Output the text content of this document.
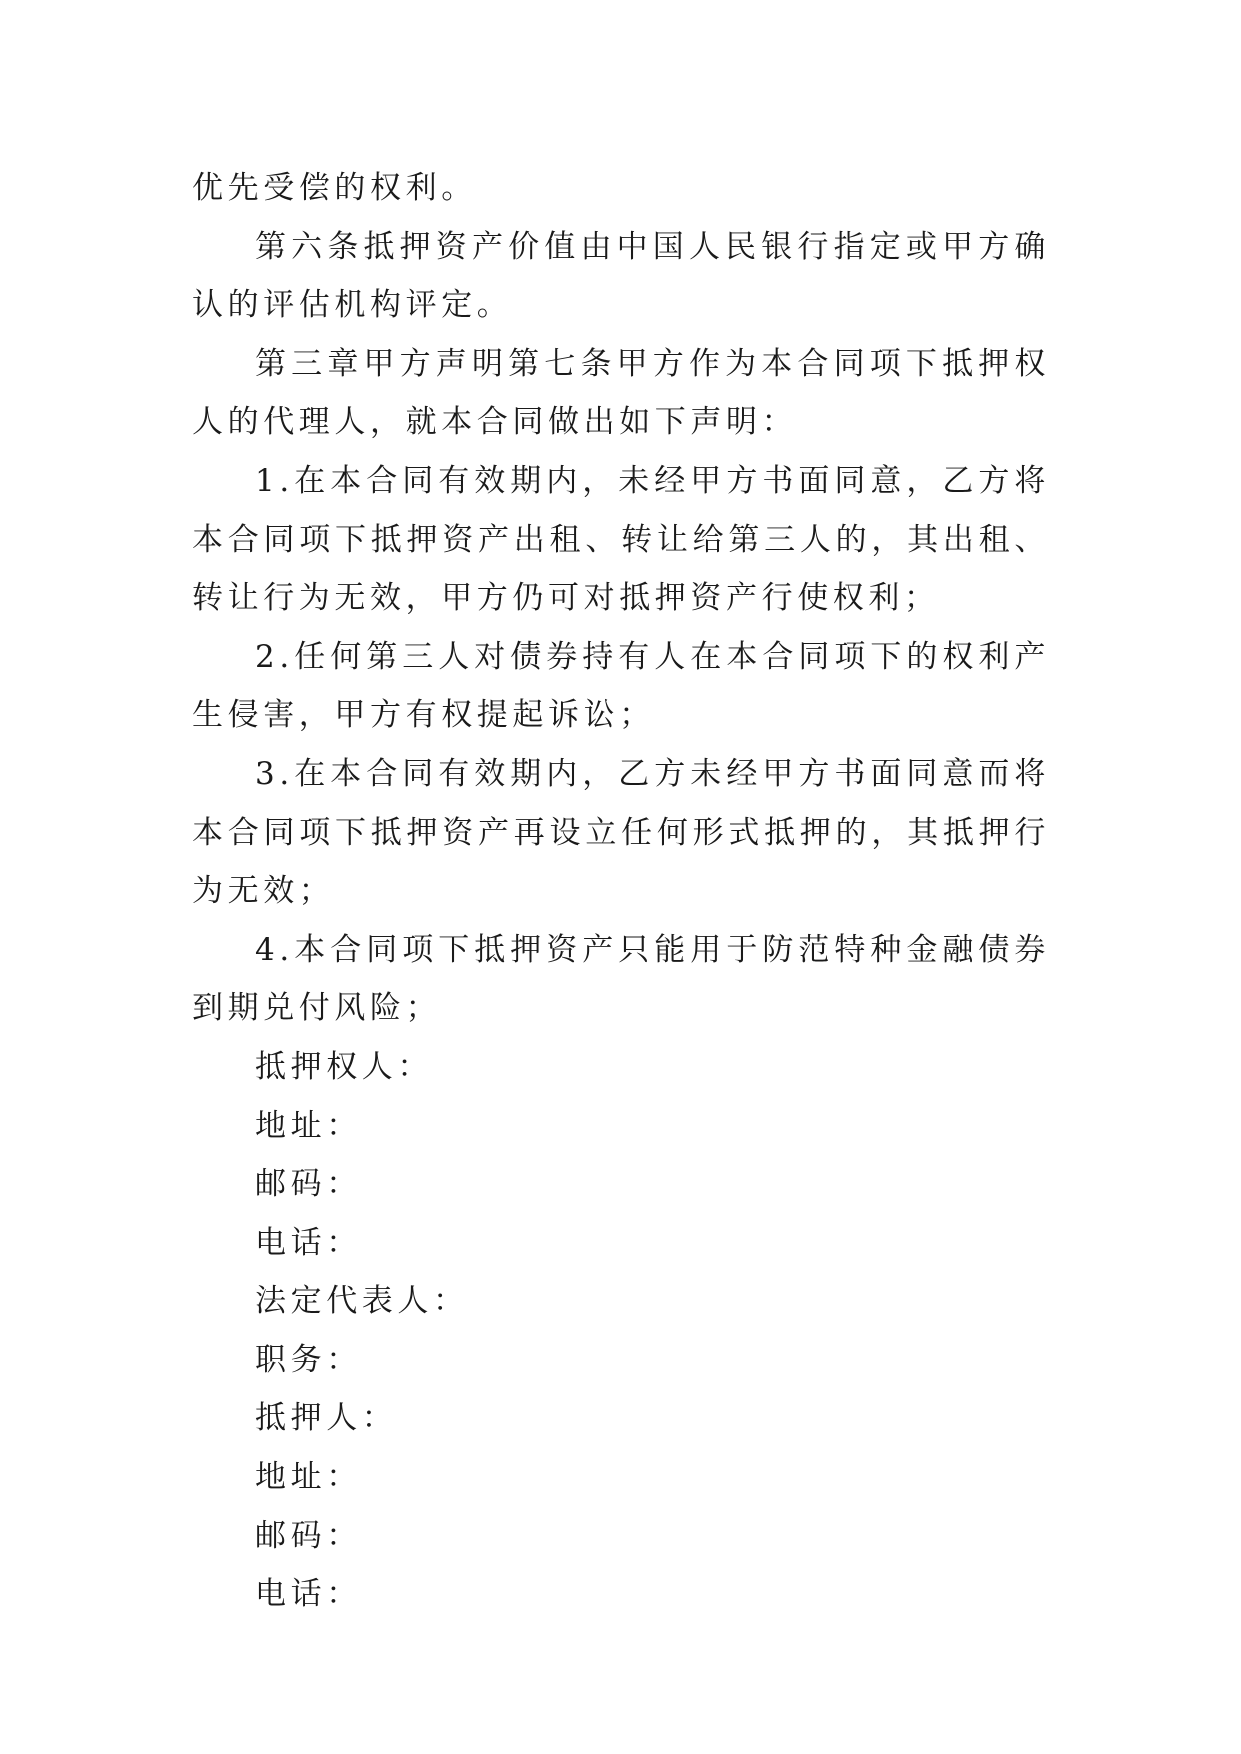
优先受偿的权利。

第六条抵押资产价值由中国人民银行指定或甲方确认的评估机构评定。

第三章甲方声明第七条甲方作为本合同项下抵押权人的代理人，就本合同做出如下声明：

1.在本合同有效期内，未经甲方书面同意，乙方将本合同项下抵押资产出租、转让给第三人的，其出租、转让行为无效，甲方仍可对抵押资产行使权利；

2.任何第三人对债券持有人在本合同项下的权利产生侵害，甲方有权提起诉讼；

3.在本合同有效期内，乙方未经甲方书面同意而将本合同项下抵押资产再设立任何形式抵押的，其抵押行为无效；

4.本合同项下抵押资产只能用于防范特种金融债券到期兑付风险；

抵押权人：

地址：

邮码：

电话：

法定代表人：

职务：

抵押人：

地址：

邮码：

电话：
